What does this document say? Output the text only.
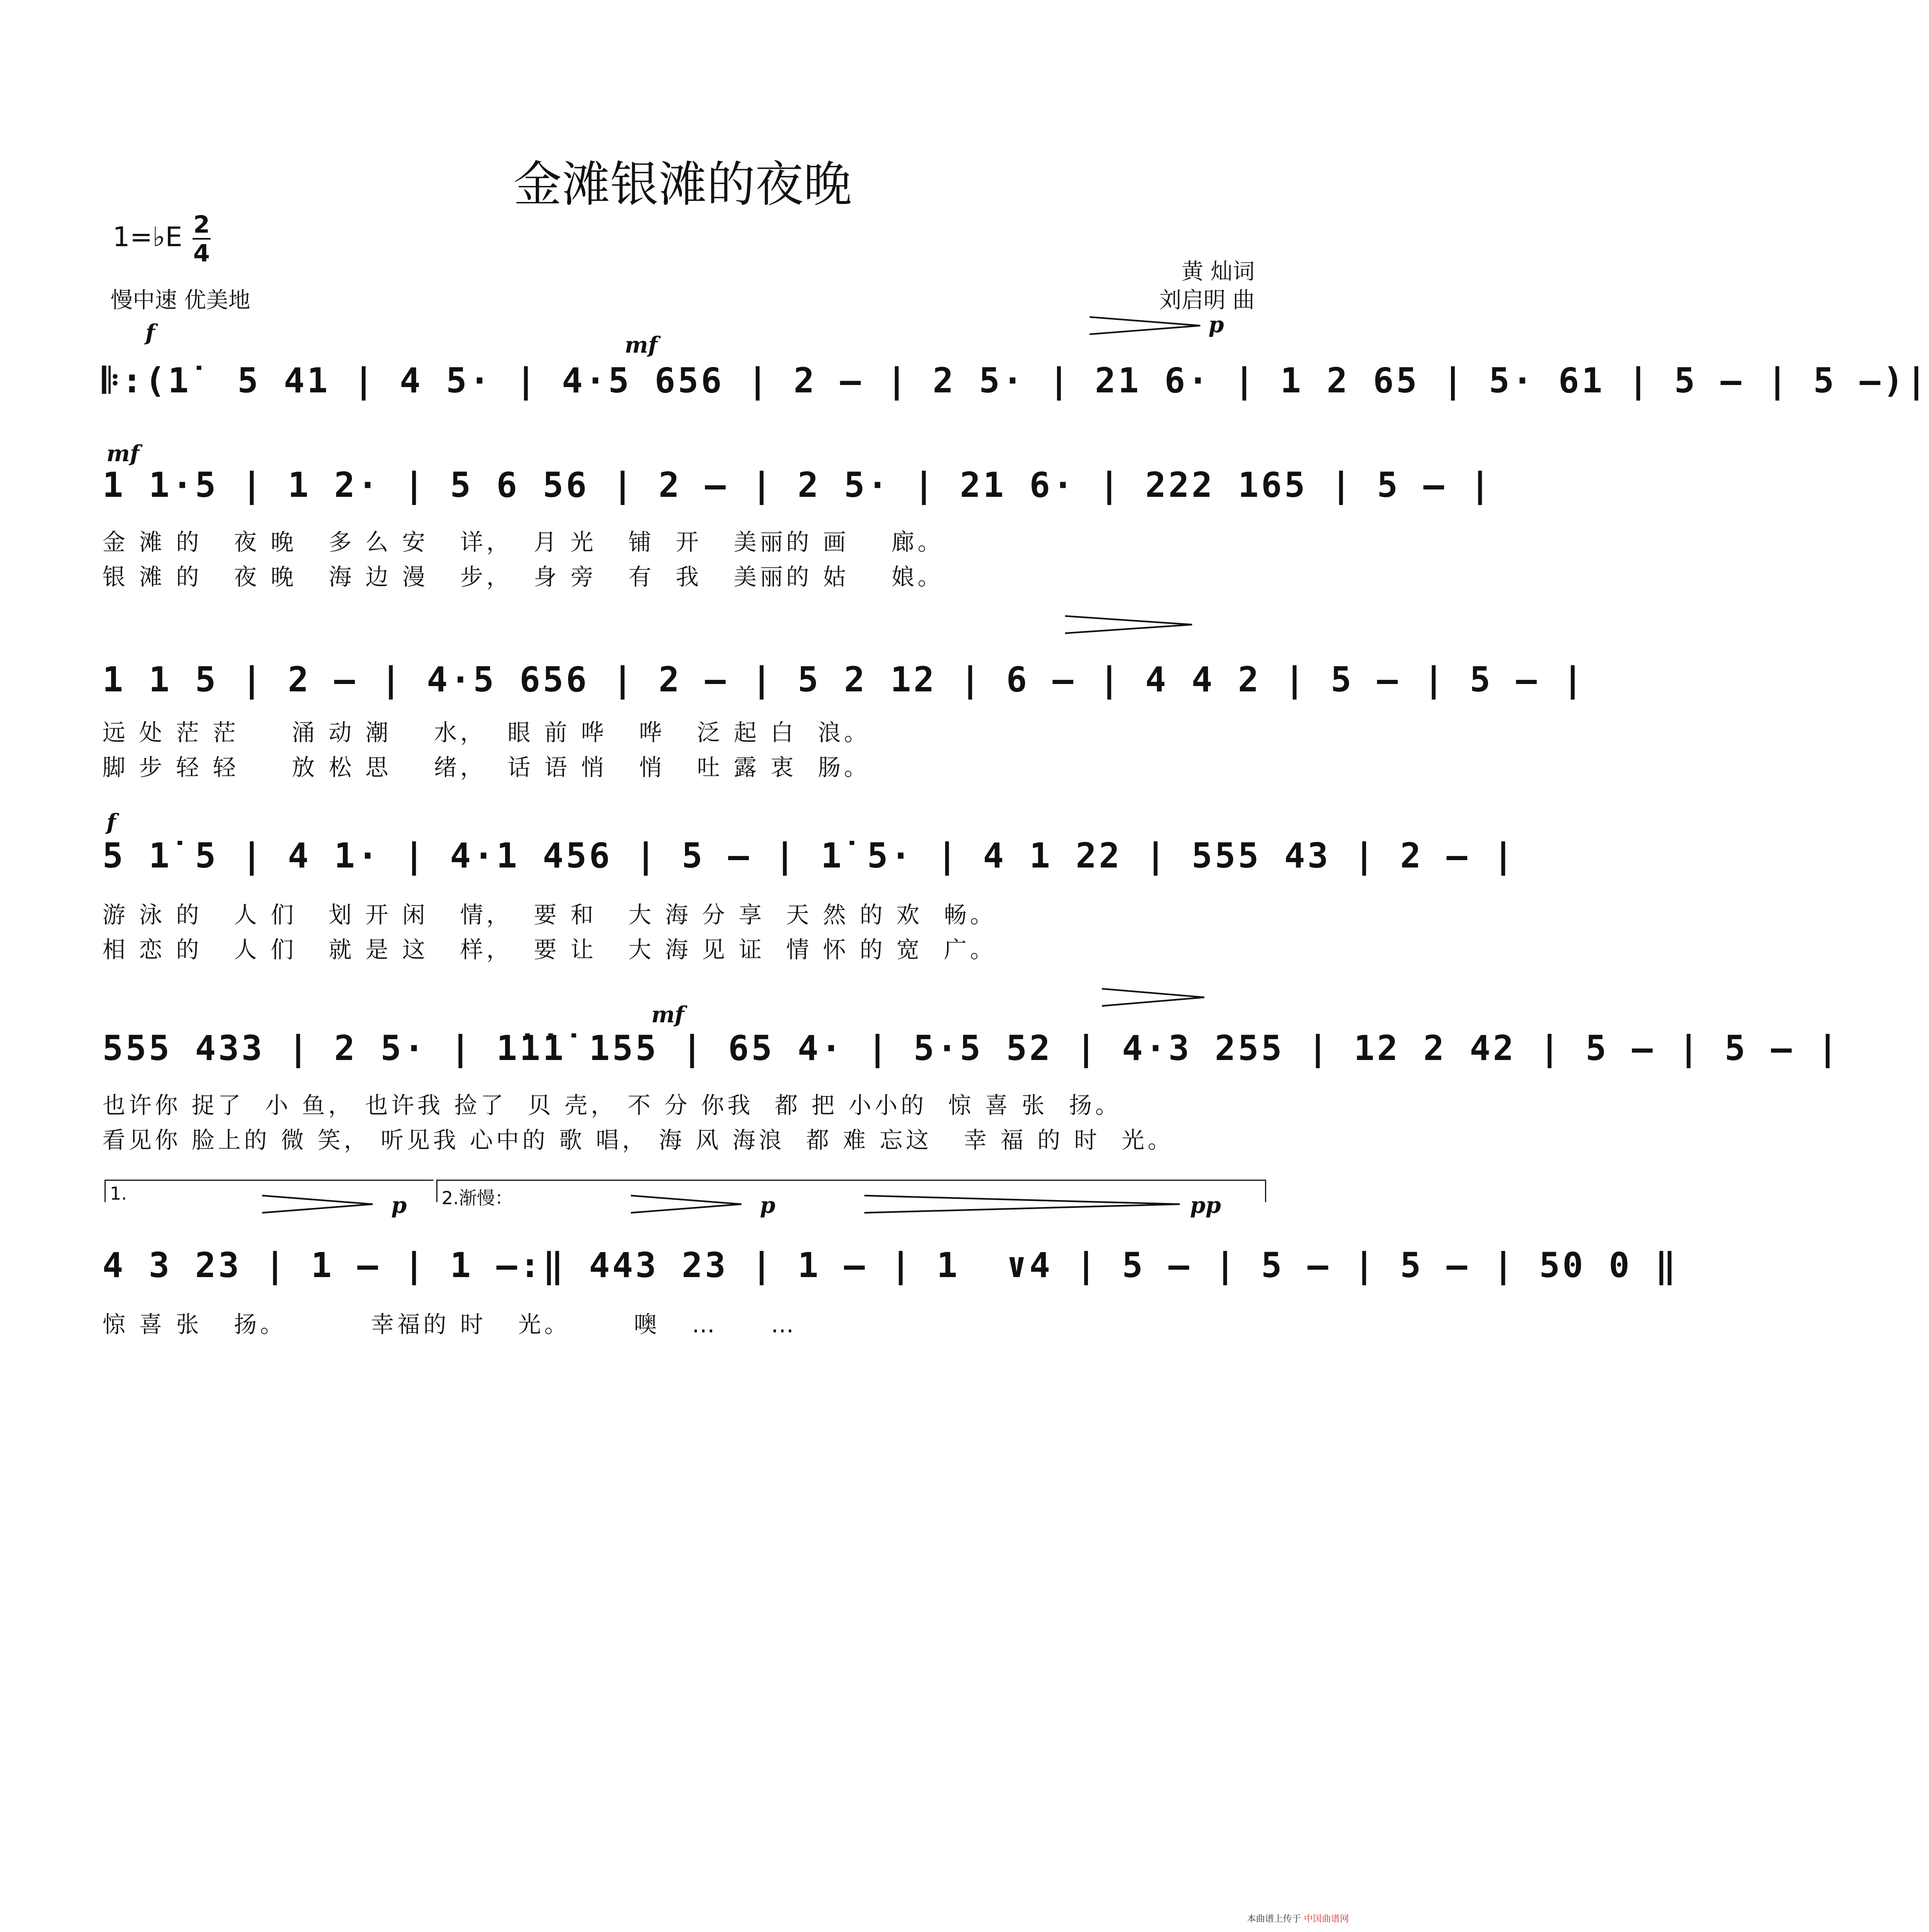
金滩银滩的夜晚
1=♭E 2
4
慢中速 优美地
黄 灿词
刘启明 曲
f	mf
p
𝄆:(1̇  5 41 | 4 5· | 4·5 656 | 2 – | 2 5· | 21 6· | 1 2 65 | 5· 61 | 5 – | 5 –)|
mf
1 1·5 | 1 2· | 5 6 56 | 2 – | 2 5· | 21 6· | 222 165 | 5 – |
金 滩 的   夜 晚   多 么 安   详，  月 光   铺  开   美丽的 画    廊。
银 滩 的   夜 晚   海 边 漫   步，  身 旁   有  我   美丽的 姑    娘。
1 1 5 | 2 – | 4·5 656 | 2 – | 5 2 12 | 6 – | 4 4 2 | 5 – | 5 – |
远 处 茫 茫     涌 动 潮    水，  眼 前 哗   哗   泛 起 白  浪。
脚 步 轻 轻     放 松 思    绪，  话 语 悄   悄   吐 露 衷  肠。
f
5 1̇ 5 | 4 1· | 4·1 456 | 5 – | 1̇ 5· | 4 1 22 | 555 43 | 2 – |
游 泳 的   人 们   划 开 闲   情，  要 和   大 海 分 享  天 然 的 欢  畅。
相 恋 的   人 们   就 是 这   样，  要 让   大 海 见 证  情 怀 的 宽  广。
mf
555 433 | 2 5· | 1̇1̇1̇ 155 | 65 4· | 5·5 52 | 4·3 255 | 12 2 42 | 5 – | 5 – |
也许你 捉了  小 鱼， 也许我 捡了  贝 壳， 不 分 你我  都 把 小小的  惊 喜 张  扬。
看见你 脸上的 微 笑， 听见我 心中的 歌 唱， 海 风 海浪  都 难 忘这   幸 福 的 时  光。
1.	2.渐慢：
p	p	pp
4 3 23 | 1 – | 1 –:‖ 443 23 | 1 – | 1  ∨4 | 5 – | 5 – | 5 – | 50 0 ‖
惊 喜 张   扬。        幸福的 时   光。      噢   …     …
本曲谱上传于 中国曲谱网
